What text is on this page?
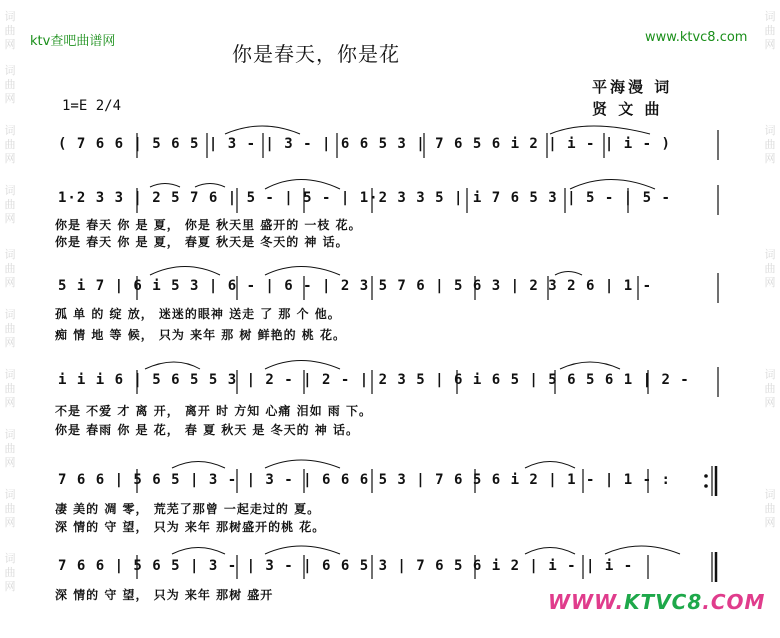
词
曲
网
词
曲
网
词
曲
网
词
曲
网
词
曲
网
词
曲
网
词
曲
网
词
曲
网
词
曲
网
词
曲
网
词
曲
网
词
曲
网
词
曲
网
词
曲
网
词
曲
网
ktv查吧曲谱网	www.ktvc8.com
你是春天，你是花
平海漫 词
贤 文 曲
1=E 2/4
( 7 6 6 | 5 6 5 | 3 - | 3 - | 6 6 5 3 | 7 6 5 6 i 2 | i - | i - )
1·2 3 3 | 2 5 7 6 | 5 - | 5 - | 1·2 3 3 5 | i 7 6 5 3 | 5 - | 5 -
你是 春天 你 是 夏， 你是 秋天里 盛开的 一枝 花。
你是 春天 你 是 夏， 春夏 秋天是 冬天的 神 话。
5 i 7 | 6 i 5 3 | 6 - | 6 - | 2 3 5 7 6 | 5 6 3 | 2 3 2 6 | 1 -
孤 单 的 绽 放， 迷迷的眼神 送走 了 那 个 他。
痴 情 地 等 候， 只为 来年 那 树 鲜艳的 桃 花。
i i i 6 | 5 6 5 5 3 | 2 - | 2 - | 2 3 5 | 6 i 6 5 | 5 6 5 6 1 | 2 -
不是 不爱 才 离 开， 离开 时 方知 心痛 泪如 雨 下。
你是 春雨 你 是 花， 春 夏 秋天 是 冬天的 神 话。
7 6 6 | 5 6 5 | 3 - | 3 - | 6 6 6 5 3 | 7 6 5 6 i 2 | 1 - | 1 - :
凄 美的 凋 零， 荒芜了那曾 一起走过的 夏。
深 情的 守 望， 只为 来年 那树盛开的桃 花。
7 6 6 | 5 6 5 | 3 - | 3 - | 6 6 5 3 | 7 6 5 6 i 2 | i - | i -
深 情的 守 望， 只为 来年 那树 盛开	WWW.KTVC8.COM
